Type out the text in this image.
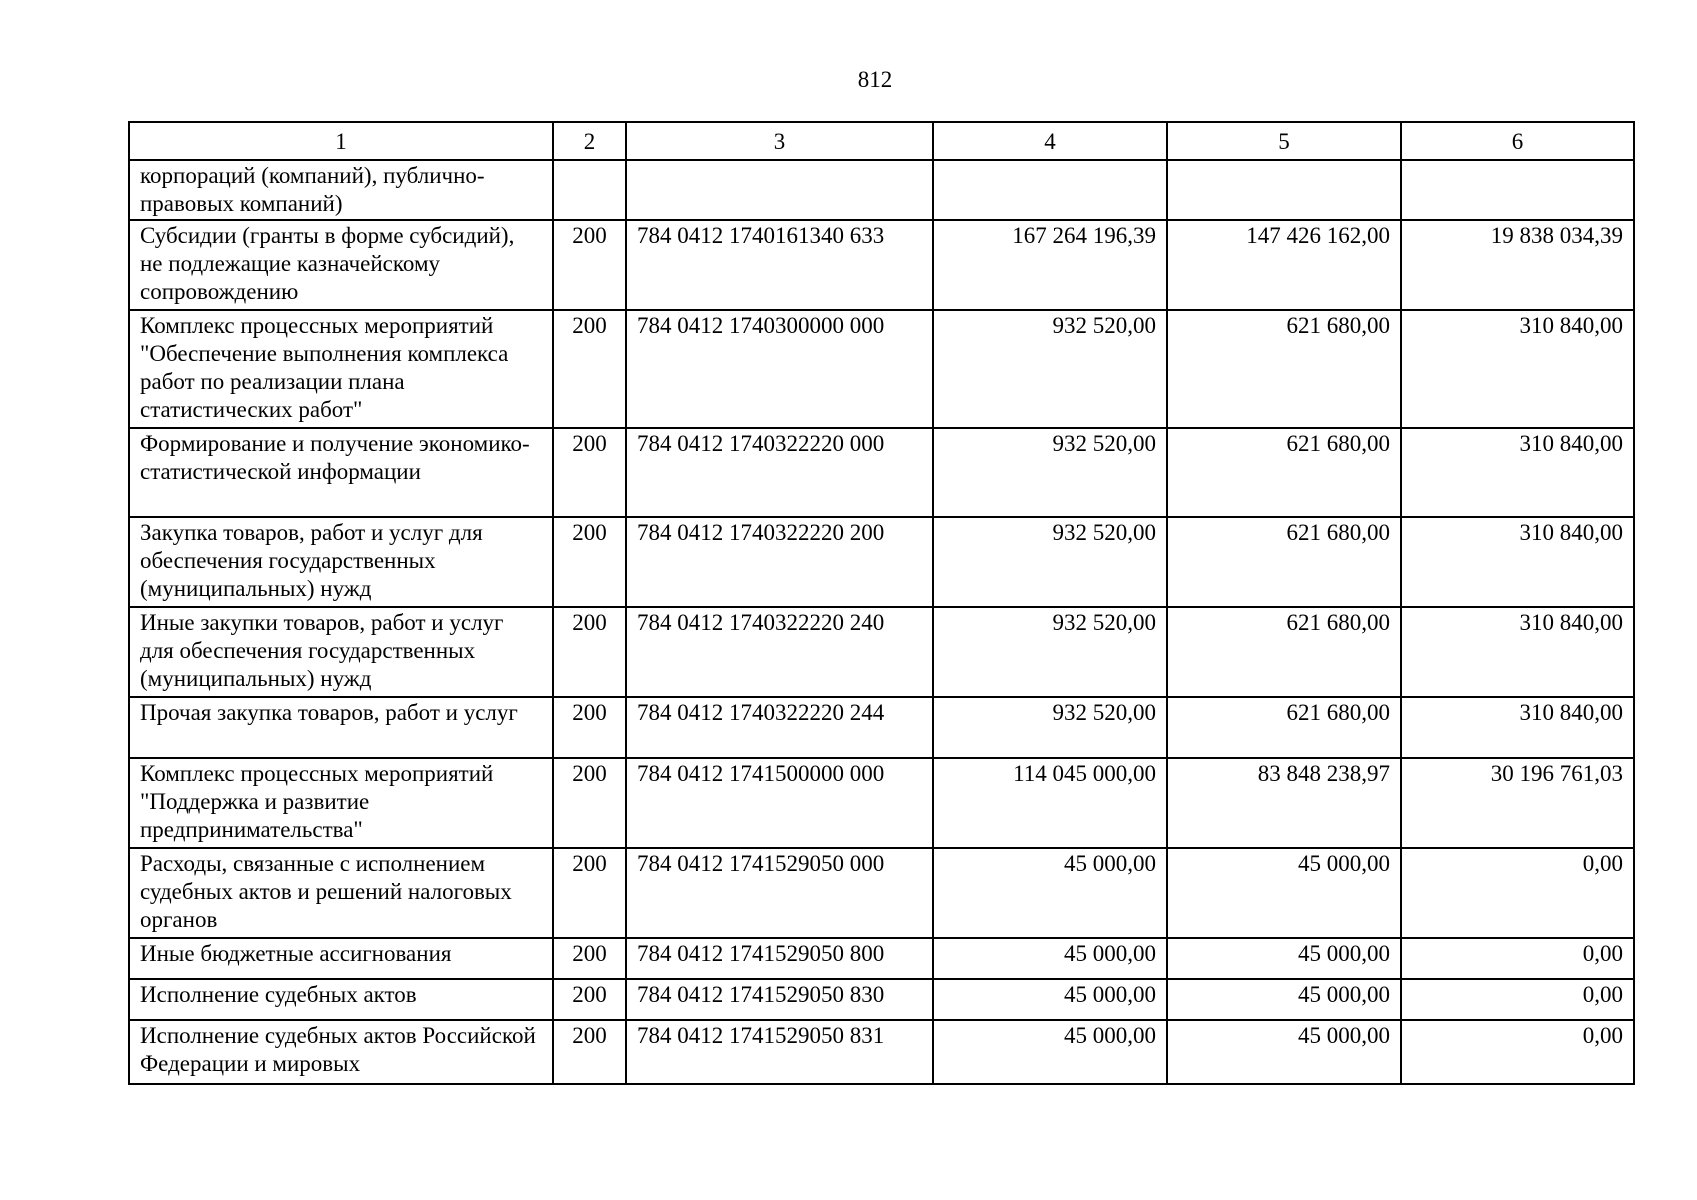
812
1	2	3	4	5	6
корпораций (компаний), публично-правовых компаний)					
Субсидии (гранты в форме субсидий), не подлежащие казначейскому сопровождению	200	784 0412 1740161340 633	167 264 196,39	147 426 162,00	19 838 034,39
Комплекс процессных мероприятий "Обеспечение выполнения комплекса работ по реализации плана статистических работ"	200	784 0412 1740300000 000	932 520,00	621 680,00	310 840,00
Формирование и получение экономико-статистической информации	200	784 0412 1740322220 000	932 520,00	621 680,00	310 840,00
Закупка товаров, работ и услуг для обеспечения государственных (муниципальных) нужд	200	784 0412 1740322220 200	932 520,00	621 680,00	310 840,00
Иные закупки товаров, работ и услуг для обеспечения государственных (муниципальных) нужд	200	784 0412 1740322220 240	932 520,00	621 680,00	310 840,00
Прочая закупка товаров, работ и услуг	200	784 0412 1740322220 244	932 520,00	621 680,00	310 840,00
Комплекс процессных мероприятий "Поддержка и развитие предпринимательства"	200	784 0412 1741500000 000	114 045 000,00	83 848 238,97	30 196 761,03
Расходы, связанные с исполнением судебных актов и решений налоговых органов	200	784 0412 1741529050 000	45 000,00	45 000,00	0,00
Иные бюджетные ассигнования	200	784 0412 1741529050 800	45 000,00	45 000,00	0,00
Исполнение судебных актов	200	784 0412 1741529050 830	45 000,00	45 000,00	0,00
Исполнение судебных актов Российской Федерации и мировых	200	784 0412 1741529050 831	45 000,00	45 000,00	0,00
